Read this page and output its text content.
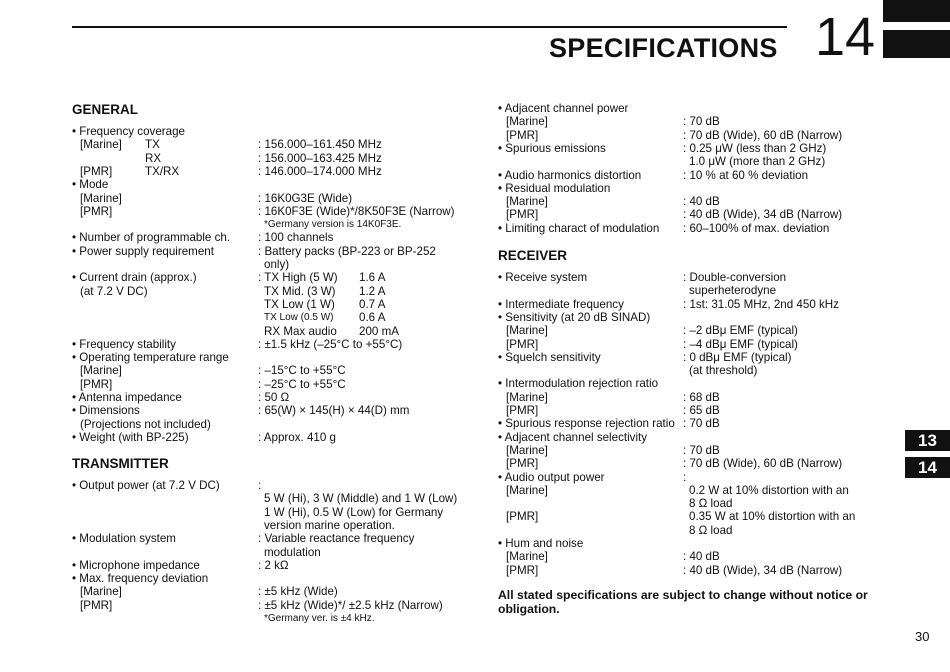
SPECIFICATIONS 14
13
14
30
GENERAL
TRANSMITTER
• Frequency coverage
[Marine] TX	: 156.000–161.450 MHz
RX	: 156.000–163.425 MHz
[PMR]	TX/RX	: 146.000–174.000 MHz
• Mode
[Marine]	: 16K0G3E (Wide)
[PMR]	: 16K0F3E (Wide)*/8K50F3E (Narrow)
*Germany version is 14K0F3E.
• Number of programmable ch. : 100 channels
• Power supply requirement	: Battery packs (BP-223 or BP-252
only)
• Current drain (approx.)	: TX High (5 W) 1.6 A
(at 7.2 V DC)	TX Mid. (3 W) 1.2 A
TX Low (1 W) 0.7 A
TX Low (0.5 W) 0.6 A
RX Max audio 200 mA
• Frequency stability	: ±1.5 kHz (–25°C to +55°C)
• Operating temperature range
[Marine]	: –15°C to +55°C
[PMR]	: –25°C to +55°C
• Antenna impedance	: 50 Ω
• Dimensions	: 65(W) × 145(H) × 44(D) mm
(Projections not included)
• Weight (with BP-225)	: Approx. 410 g
• Output power (at 7.2 V DC)	:
5 W (Hi), 3 W (Middle) and 1 W (Low)
1 W (Hi), 0.5 W (Low) for Germany
version marine operation.
• Modulation system	: Variable reactance frequency
modulation
• Microphone impedance	: 2 kΩ
• Max. frequency deviation
[Marine]	: ±5 kHz (Wide)
[PMR]	: ±5 kHz (Wide)*/ ±2.5 kHz (Narrow)
*Germany ver. is ±4 kHz.
RECEIVER
All stated specifications are subject to change without notice or obligation.
• Adjacent channel power
[Marine]	: 70 dB
[PMR]	: 70 dB (Wide), 60 dB (Narrow)
• Spurious emissions	: 0.25 μW (less than 2 GHz)
1.0 μW (more than 2 GHz)
• Audio harmonics distortion	: 10 % at 60 % deviation
• Residual modulation
[Marine]	: 40 dB
[PMR]	: 40 dB (Wide), 34 dB (Narrow)
• Limiting charact of modulation : 60–100% of max. deviation
• Receive system	: Double-conversion
superheterodyne
• Intermediate frequency	: 1st: 31.05 MHz, 2nd 450 kHz
• Sensitivity (at 20 dB SINAD)
[Marine]	: –2 dBμ EMF (typical)
[PMR]	: –4 dBμ EMF (typical)
• Squelch sensitivity	: 0 dBμ EMF (typical)
(at threshold)
• Intermodulation rejection ratio
[Marine]	: 68 dB
[PMR]	: 65 dB
• Spurious response rejection ratio : 70 dB
• Adjacent channel selectivity
[Marine]	: 70 dB
[PMR]	: 70 dB (Wide), 60 dB (Narrow)
• Audio output power	:
[Marine]	0.2 W at 10% distortion with an
8 Ω load
[PMR]	0.35 W at 10% distortion with an
8 Ω load
• Hum and noise
[Marine]	: 40 dB
[PMR]	: 40 dB (Wide), 34 dB (Narrow)
